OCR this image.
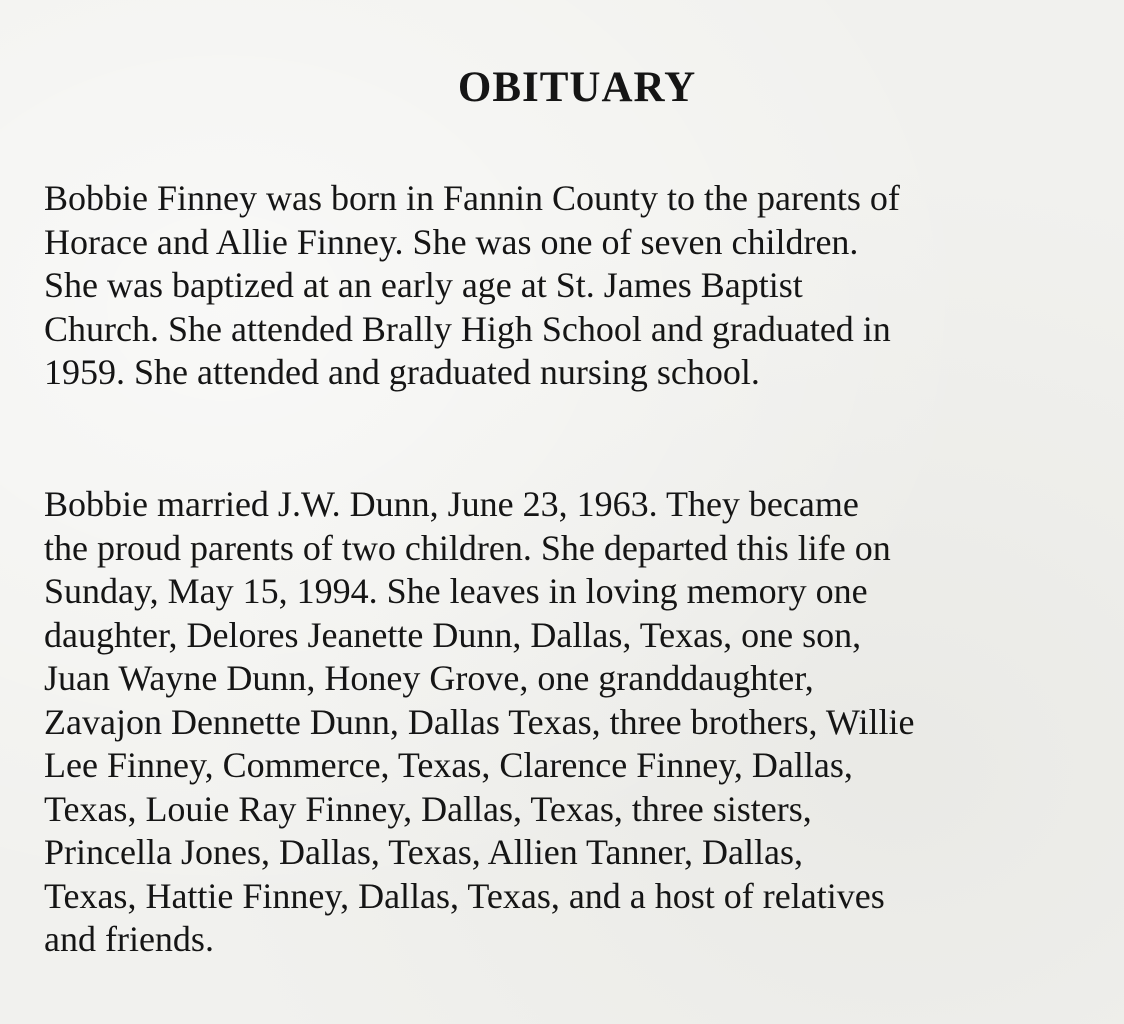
OBITUARY

Bobbie Finney was born in Fannin County to the parents of
Horace and Allie Finney. She was one of seven children.
She was baptized at an early age at St. James Baptist
Church. She attended Brally High School and graduated in
1959. She attended and graduated nursing school.

Bobbie married J.W. Dunn, June 23, 1963. They became
the proud parents of two children. She departed this life on
Sunday, May 15, 1994. She leaves in loving memory one
daughter, Delores Jeanette Dunn, Dallas, Texas, one son,
Juan Wayne Dunn, Honey Grove, one granddaughter,
Zavajon Dennette Dunn, Dallas Texas, three brothers, Willie
Lee Finney, Commerce, Texas, Clarence Finney, Dallas,
Texas, Louie Ray Finney, Dallas, Texas, three sisters,
Princella Jones, Dallas, Texas, Allien Tanner, Dallas,
Texas, Hattie Finney, Dallas, Texas, and a host of relatives
and friends.
